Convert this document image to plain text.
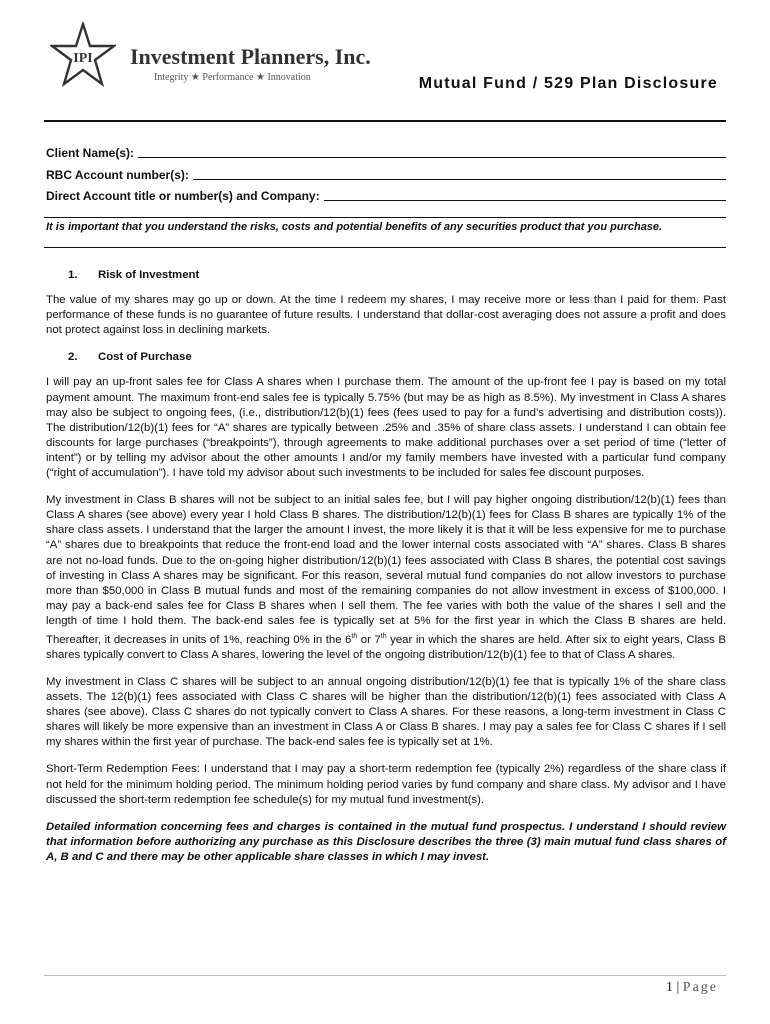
IPI Investment Planners, Inc.
Integrity ★ Performance ★ Innovation	Mutual Fund / 529 Plan Disclosure
Client Name(s):
RBC Account number(s):
Direct Account title or number(s) and Company:
It is important that you understand the risks, costs and potential benefits of any securities product that you purchase.
1.	Risk of Investment

The value of my shares may go up or down. At the time I redeem my shares, I may receive more or less than I paid for them. Past performance of these funds is no guarantee of future results. I understand that dollar-cost averaging does not assure a profit and does not protect against loss in declining markets.

2.	Cost of Purchase

I will pay an up-front sales fee for Class A shares when I purchase them. The amount of the up-front fee I pay is based on my total payment amount. The maximum front-end sales fee is typically 5.75% (but may be as high as 8.5%). My investment in Class A shares may also be subject to ongoing fees, (i.e., distribution/12(b)(1) fees (fees used to pay for a fund’s advertising and distribution costs)). The distribution/12(b)(1) fees for “A” shares are typically between .25% and .35% of share class assets. I understand I can obtain fee discounts for large purchases (“breakpoints”), through agreements to make additional purchases over a set period of time (“letter of intent”) or by telling my advisor about the other amounts I and/or my family members have invested with a particular fund company (“right of accumulation”). I have told my advisor about such investments to be included for sales fee discount purposes.

My investment in Class B shares will not be subject to an initial sales fee, but I will pay higher ongoing distribution/12(b)(1) fees than Class A shares (see above) every year I hold Class B shares. The distribution/12(b)(1) fees for Class B shares are typically 1% of the share class assets. I understand that the larger the amount I invest, the more likely it is that it will be less expensive for me to purchase “A” shares due to breakpoints that reduce the front-end load and the lower internal costs associated with “A” shares. Class B shares are not no-load funds. Due to the on-going higher distribution/12(b)(1) fees associated with Class B shares, the potential cost savings of investing in Class A shares may be significant. For this reason, several mutual fund companies do not allow investors to purchase more than $50,000 in Class B mutual funds and most of the remaining companies do not allow investment in excess of $100,000. I may pay a back-end sales fee for Class B shares when I sell them. The fee varies with both the value of the shares I sell and the length of time I hold them. The back-end sales fee is typically set at 5% for the first year in which the Class B shares are held. Thereafter, it decreases in units of 1%, reaching 0% in the 6th or 7th year in which the shares are held. After six to eight years, Class B shares typically convert to Class A shares, lowering the level of the ongoing distribution/12(b)(1) fee to that of Class A shares.

My investment in Class C shares will be subject to an annual ongoing distribution/12(b)(1) fee that is typically 1% of the share class assets. The 12(b)(1) fees associated with Class C shares will be higher than the distribution/12(b)(1) fees associated with Class A shares (see above). Class C shares do not typically convert to Class A shares. For these reasons, a long-term investment in Class C shares will likely be more expensive than an investment in Class A or Class B shares. I may pay a sales fee for Class C shares if I sell my shares within the first year of purchase. The back-end sales fee is typically set at 1%.

Short-Term Redemption Fees: I understand that I may pay a short-term redemption fee (typically 2%) regardless of the share class if not held for the minimum holding period. The minimum holding period varies by fund company and share class. My advisor and I have discussed the short-term redemption fee schedule(s) for my mutual fund investment(s).

Detailed information concerning fees and charges is contained in the mutual fund prospectus. I understand I should review that information before authorizing any purchase as this Disclosure describes the three (3) main mutual fund class shares of A, B and C and there may be other applicable share classes in which I may invest.

1 | Page
